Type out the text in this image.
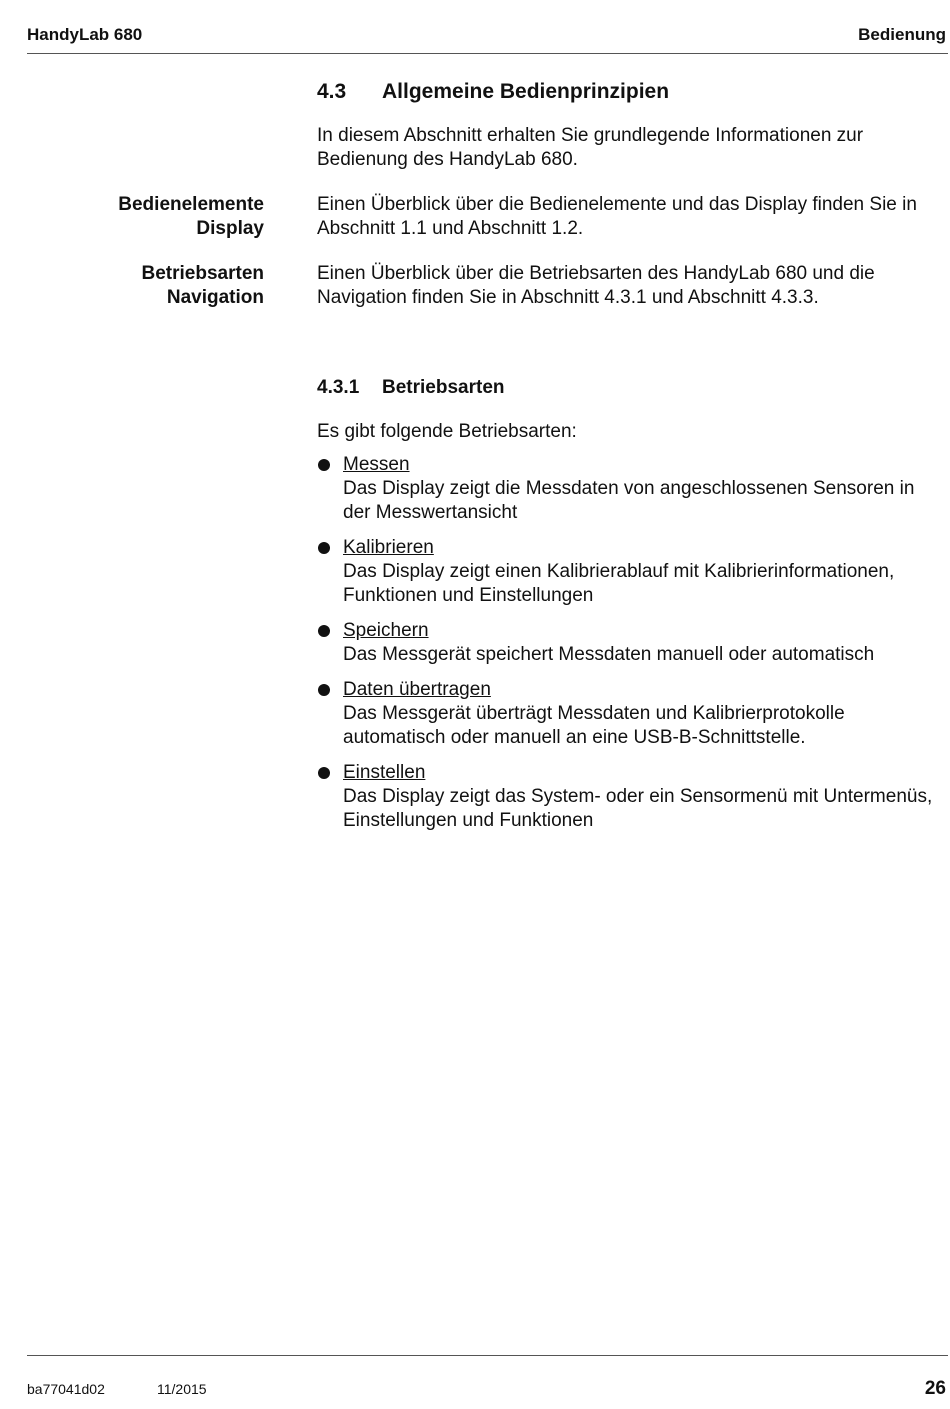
HandyLab 680	Bedienung
4.3 Allgemeine Bedienprinzipien
In diesem Abschnitt erhalten Sie grundlegende Informationen zur Bedienung des HandyLab 680.
Bedienelemente
Display
Einen Überblick über die Bedienelemente und das Display finden Sie in Abschnitt 1.1 und Abschnitt 1.2.
Betriebsarten
Navigation
Einen Überblick über die Betriebsarten des HandyLab 680 und die Navigation finden Sie in Abschnitt 4.3.1 und Abschnitt 4.3.3.
4.3.1 Betriebsarten
Es gibt folgende Betriebsarten:
Messen
Das Display zeigt die Messdaten von angeschlossenen Sensoren in der Messwertansicht
Kalibrieren
Das Display zeigt einen Kalibrierablauf mit Kalibrierinformationen, Funktionen und Einstellungen
Speichern
Das Messgerät speichert Messdaten manuell oder automatisch
Daten übertragen
Das Messgerät überträgt Messdaten und Kalibrierprotokolle automatisch oder manuell an eine USB-B-Schnittstelle.
Einstellen
Das Display zeigt das System- oder ein Sensormenü mit Untermenüs, Einstellungen und Funktionen
ba77041d02	11/2015	26
